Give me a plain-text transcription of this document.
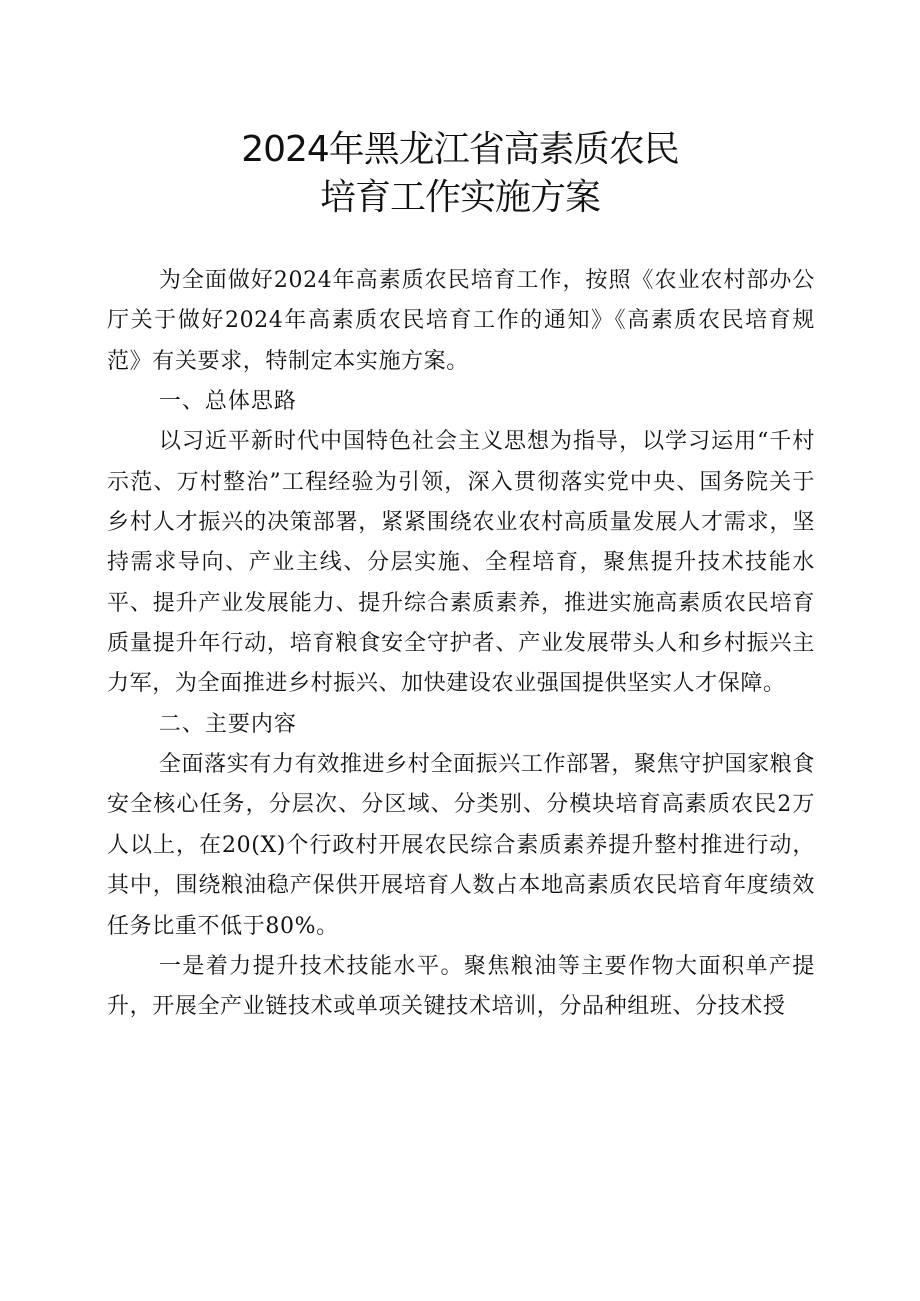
2024年黑龙江省高素质农民
培育工作实施方案

为全面做好2024年高素质农民培育工作，按照《农业农村部办公厅关于做好2024年高素质农民培育工作的通知》《高素质农民培育规范》有关要求，特制定本实施方案。

一、总体思路

以习近平新时代中国特色社会主义思想为指导，以学习运用“千村示范、万村整治”工程经验为引领，深入贯彻落实党中央、国务院关于乡村人才振兴的决策部署，紧紧围绕农业农村高质量发展人才需求，坚持需求导向、产业主线、分层实施、全程培育，聚焦提升技术技能水平、提升产业发展能力、提升综合素质素养，推进实施高素质农民培育质量提升年行动，培育粮食安全守护者、产业发展带头人和乡村振兴主力军，为全面推进乡村振兴、加快建设农业强国提供坚实人才保障。

二、主要内容

全面落实有力有效推进乡村全面振兴工作部署，聚焦守护国家粮食安全核心任务，分层次、分区域、分类别、分模块培育高素质农民2万人以上，在20(X)个行政村开展农民综合素质素养提升整村推进行动，其中，围绕粮油稳产保供开展培育人数占本地高素质农民培育年度绩效任务比重不低于80%。

一是着力提升技术技能水平。聚焦粮油等主要作物大面积单产提升，开展全产业链技术或单项关键技术培训，分品种组班、分技术授
